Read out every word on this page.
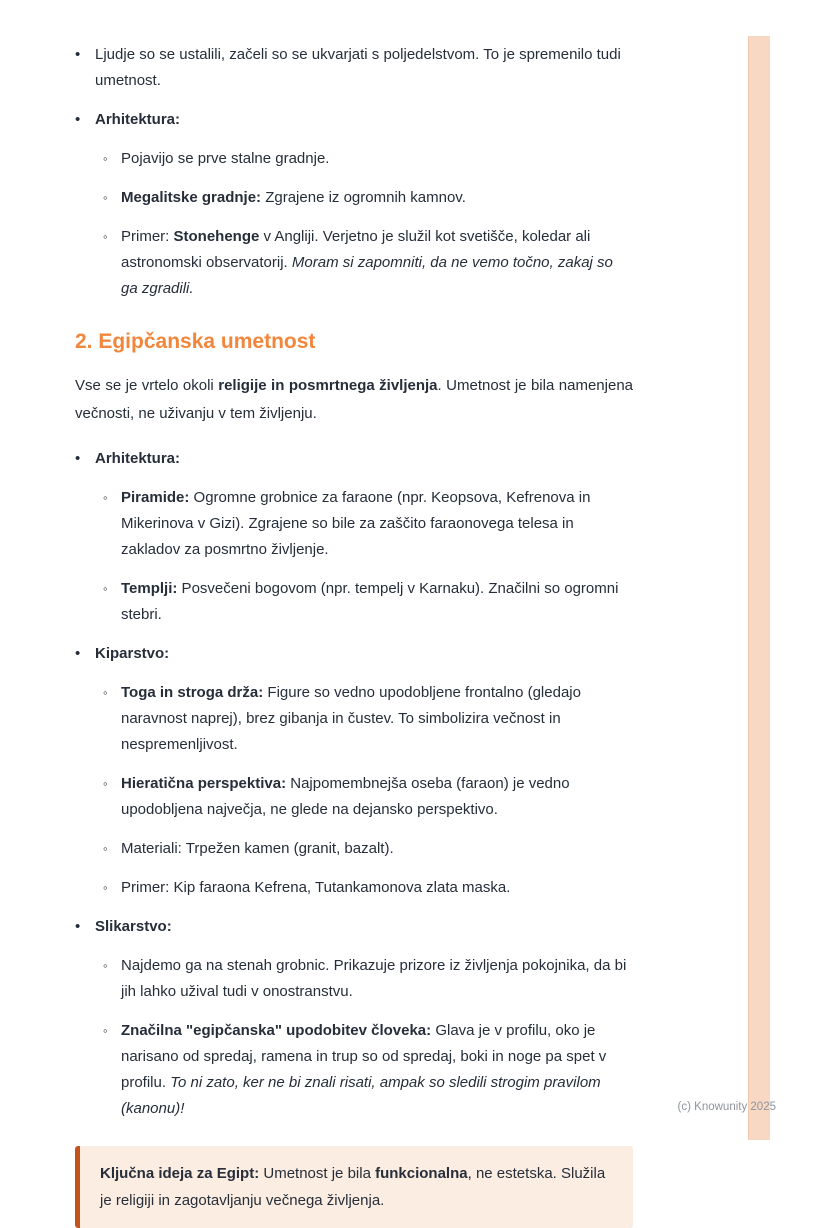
• Ljudje so se ustalili, začeli so se ukvarjati s poljedelstvom. To je spremenilo tudi umetnost.
• Arhitektura:
◦ Pojavijo se prve stalne gradnje.
◦ Megalitske gradnje: Zgrajene iz ogromnih kamnov.
◦ Primer: Stonehenge v Angliji. Verjetno je služil kot svetišče, koledar ali astronomski observatorij. Moram si zapomniti, da ne vemo točno, zakaj so ga zgradili.
2. Egipčanska umetnost

Vse se je vrtelo okoli religije in posmrtnega življenja. Umetnost je bila namenjena večnosti, ne uživanju v tem življenju.

• Arhitektura:
◦ Piramide: Ogromne grobnice za faraone (npr. Keopsova, Kefrenova in Mikerinova v Gizi). Zgrajene so bile za zaščito faraonovega telesa in zakladov za posmrtno življenje.
◦ Templji: Posvečeni bogovom (npr. tempelj v Karnaku). Značilni so ogromni stebri.
• Kiparstvo:
◦ Toga in stroga drža: Figure so vedno upodobljene frontalno (gledajo naravnost naprej), brez gibanja in čustev. To simbolizira večnost in nespremenljivost.
◦ Hieratična perspektiva: Najpomembnejša oseba (faraon) je vedno upodobljena največja, ne glede na dejansko perspektivo.
◦ Materiali: Trpežen kamen (granit, bazalt).
◦ Primer: Kip faraona Kefrena, Tutankamonova zlata maska.
• Slikarstvo:
◦ Najdemo ga na stenah grobnic. Prikazuje prizore iz življenja pokojnika, da bi jih lahko užival tudi v onostranstvu.
◦ Značilna "egipčanska" upodobitev človeka: Glava je v profilu, oko je narisano od spredaj, ramena in trup so od spredaj, boki in noge pa spet v profilu. To ni zato, ker ne bi znali risati, ampak so sledili strogim pravilom (kanonu)!
Ključna ideja za Egipt: Umetnost je bila funkcionalna, ne estetska. Služila je religiji in zagotavljanju večnega življenja.
(c) Knowunity 2025
